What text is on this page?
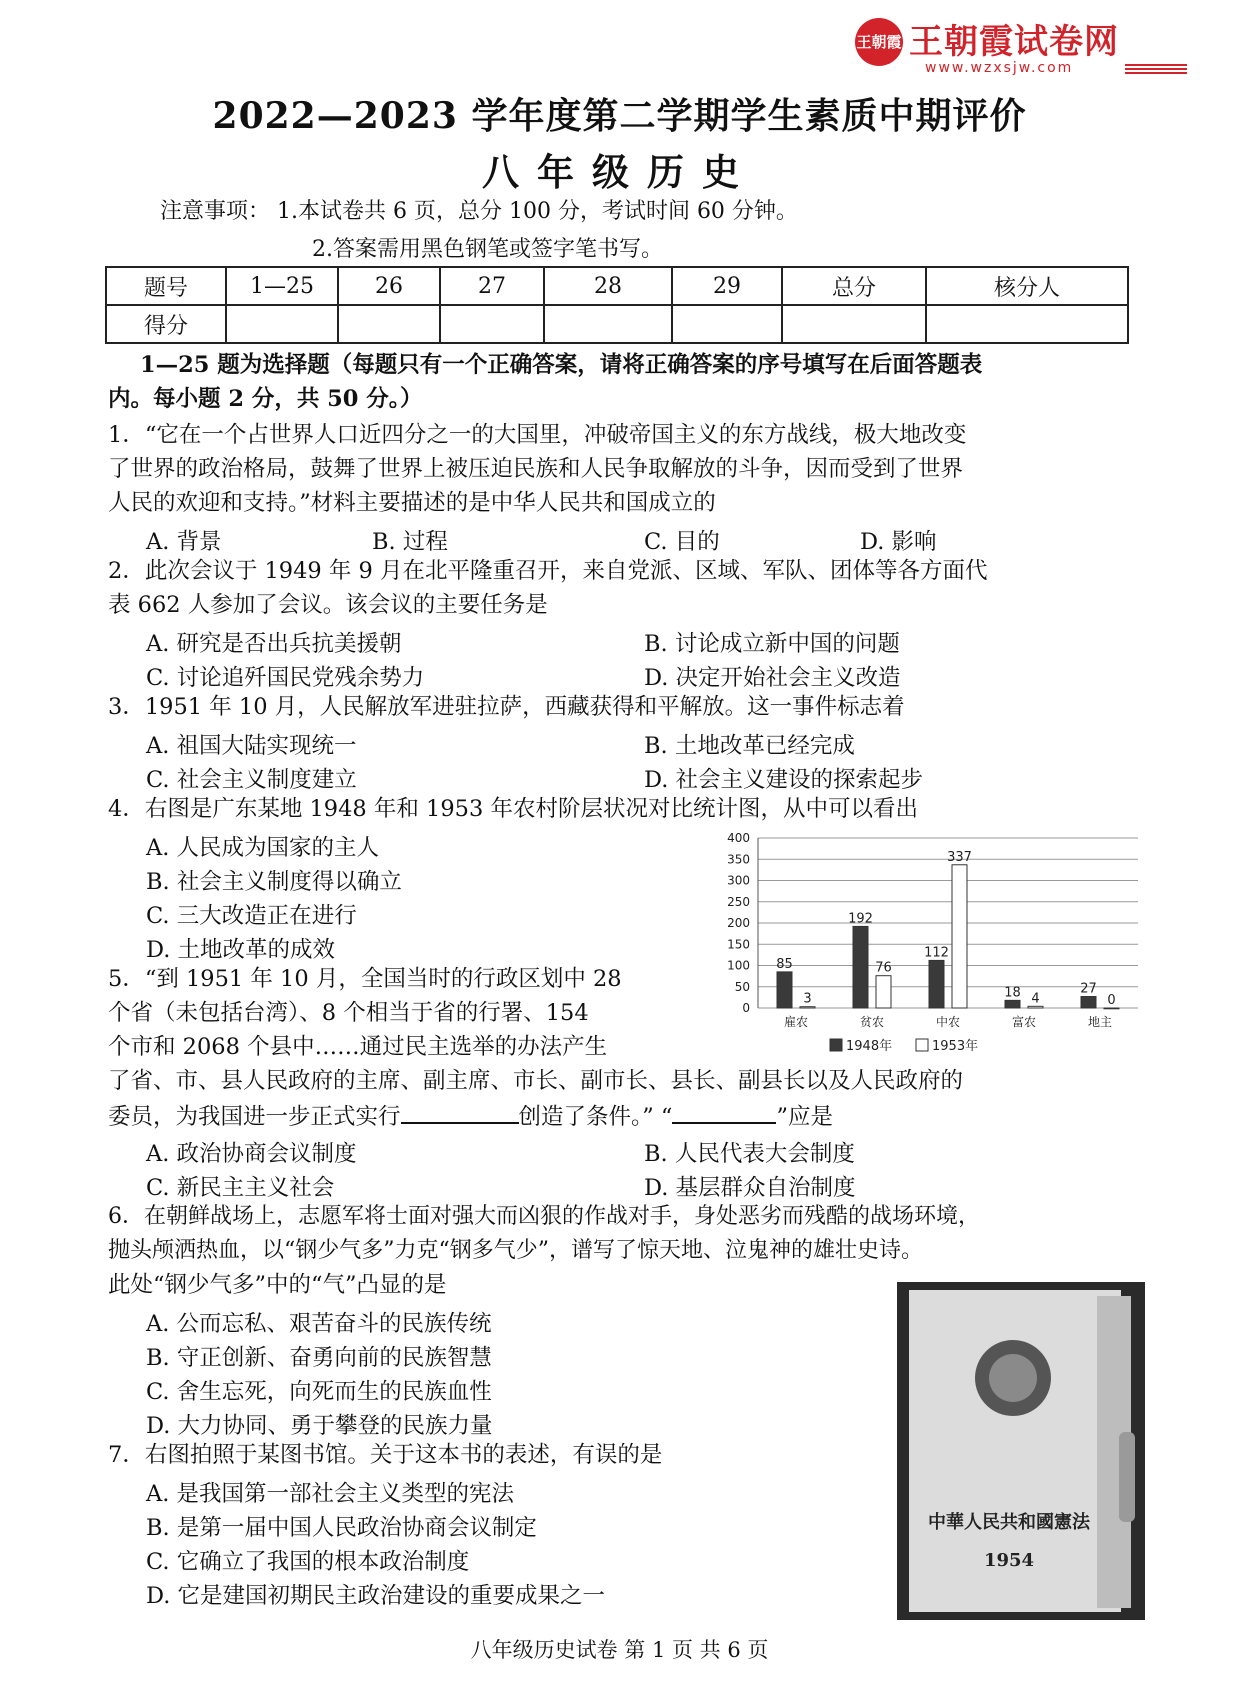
王朝霞 王朝霞试卷网
www.wzxsjw.com
2022—2023 学年度第二学期学生素质中期评价
八年级历史
注意事项： 1.本试卷共 6 页，总分 100 分，考试时间 60 分钟。
2.答案需用黑色钢笔或签字笔书写。
题号	1—25	26	27	28	29	总分	核分人
得分							
1—25 题为选择题（每题只有一个正确答案，请将正确答案的序号填写在后面答题表
内。每小题 2 分，共 50 分。）
1．“它在一个占世界人口近四分之一的大国里，冲破帝国主义的东方战线，极大地改变
了世界的政治格局，鼓舞了世界上被压迫民族和人民争取解放的斗争，因而受到了世界
人民的欢迎和支持。”材料主要描述的是中华人民共和国成立的
A. 背景	B. 过程	C. 目的	D. 影响
2．此次会议于 1949 年 9 月在北平隆重召开，来自党派、区域、军队、团体等各方面代
表 662 人参加了会议。该会议的主要任务是
A. 研究是否出兵抗美援朝	B. 讨论成立新中国的问题
C. 讨论追歼国民党残余势力	D. 决定开始社会主义改造
3．1951 年 10 月，人民解放军进驻拉萨，西藏获得和平解放。这一事件标志着
A. 祖国大陆实现统一	B. 土地改革已经完成
C. 社会主义制度建立	D. 社会主义建设的探索起步
4．右图是广东某地 1948 年和 1953 年农村阶层状况对比统计图，从中可以看出
A. 人民成为国家的主人
B. 社会主义制度得以确立
C. 三大改造正在进行
D. 土地改革的成效
0
50
100
150
200
250
300
350
400
85
3
雇农
192
76
贫农
112
337
中农
18 4
富农
27
0
地主
1948年	1953年
5．“到 1951 年 10 月，全国当时的行政区划中 28
个省（未包括台湾）、8 个相当于省的行署、154
个市和 2068 个县中……通过民主选举的办法产生
了省、市、县人民政府的主席、副主席、市长、副市长、县长、副县长以及人民政府的
委员，为我国进一步正式实行	创造了条件。” “	”应是
A. 政治协商会议制度	B. 人民代表大会制度
C. 新民主主义社会	D. 基层群众自治制度
6．在朝鲜战场上，志愿军将士面对强大而凶狠的作战对手，身处恶劣而残酷的战场环境，
抛头颅洒热血，以“钢少气多”力克“钢多气少”，谱写了惊天地、泣鬼神的雄壮史诗。
此处“钢少气多”中的“气”凸显的是
A. 公而忘私、艰苦奋斗的民族传统
B. 守正创新、奋勇向前的民族智慧
C. 舍生忘死，向死而生的民族血性
D. 大力协同、勇于攀登的民族力量
7．右图拍照于某图书馆。关于这本书的表述，有误的是
A. 是我国第一部社会主义类型的宪法
B. 是第一届中国人民政治协商会议制定
C. 它确立了我国的根本政治制度
D. 它是建国初期民主政治建设的重要成果之一
中華人民共和國憲法
1954
八年级历史试卷 第 1 页 共 6 页
